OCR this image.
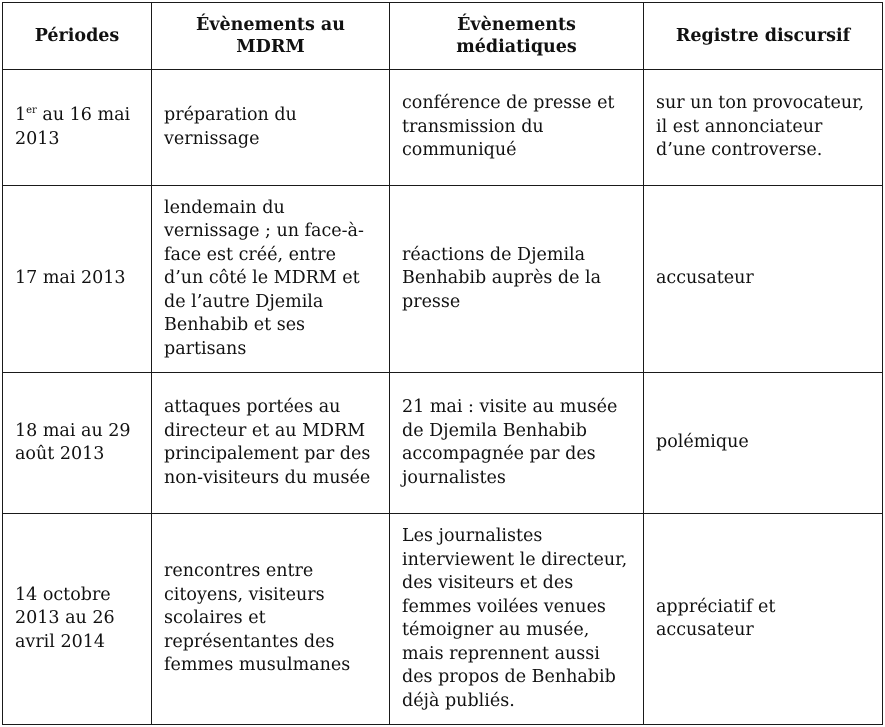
Périodes	Évènements au MDRM	Évènements médiatiques	Registre discursif
1er au 16 mai 2013	préparation du vernissage	conférence de presse et transmission du communiqué	sur un ton provocateur, il est annonciateur d’une controverse.
17 mai 2013	lendemain du vernissage ; un face-à-face est créé, entre d’un côté le MDRM et de l’autre Djemila Benhabib et ses partisans	réactions de Djemila Benhabib auprès de la presse	accusateur
18 mai au 29 août 2013	attaques portées au directeur et au MDRM principalement par des non-visiteurs du musée	21 mai : visite au musée de Djemila Benhabib accompagnée par des journalistes	polémique
14 octobre 2013 au 26 avril 2014	rencontres entre citoyens, visiteurs scolaires et représentantes des femmes musulmanes	Les journalistes interviewent le directeur, des visiteurs et des femmes voilées venues témoigner au musée, mais reprennent aussi des propos de Benhabib déjà publiés.	appréciatif et accusateur
